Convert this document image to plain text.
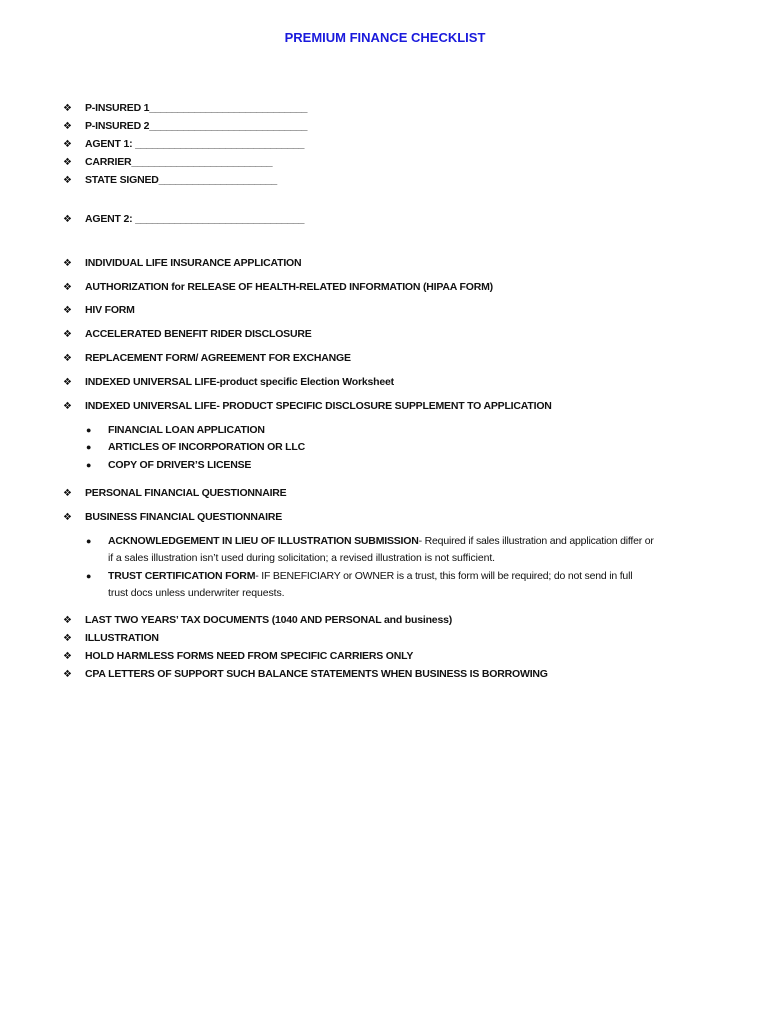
PREMIUM FINANCE CHECKLIST
❖ P-INSURED 1____________________________
❖ P-INSURED 2____________________________
❖ AGENT 1: ______________________________
❖ CARRIER_________________________
❖ STATE SIGNED_____________________
❖ AGENT 2: ______________________________
❖ INDIVIDUAL LIFE INSURANCE APPLICATION
❖ AUTHORIZATION for RELEASE OF HEALTH-RELATED INFORMATION (HIPAA FORM)
❖ HIV FORM
❖ ACCELERATED BENEFIT RIDER DISCLOSURE
❖ REPLACEMENT FORM/ AGREEMENT FOR EXCHANGE
❖ INDEXED UNIVERSAL LIFE-product specific Election Worksheet
❖ INDEXED UNIVERSAL LIFE- PRODUCT SPECIFIC DISCLOSURE SUPPLEMENT TO APPLICATION
● FINANCIAL LOAN APPLICATION
● ARTICLES OF INCORPORATION OR LLC
● COPY OF DRIVER’S LICENSE
❖ PERSONAL FINANCIAL QUESTIONNAIRE
❖ BUSINESS FINANCIAL QUESTIONNAIRE
● ACKNOWLEDGEMENT IN LIEU OF ILLUSTRATION SUBMISSION- Required if sales illustration and application differ or
if a sales illustration isn’t used during solicitation; a revised illustration is not sufficient.
● TRUST CERTIFICATION FORM- IF BENEFICIARY or OWNER is a trust, this form will be required; do not send in full
trust docs unless underwriter requests.
❖ LAST TWO YEARS’ TAX DOCUMENTS (1040 AND PERSONAL and business)
❖ ILLUSTRATION
❖ HOLD HARMLESS FORMS NEED FROM SPECIFIC CARRIERS ONLY
❖ CPA LETTERS OF SUPPORT SUCH BALANCE STATEMENTS WHEN BUSINESS IS BORROWING
